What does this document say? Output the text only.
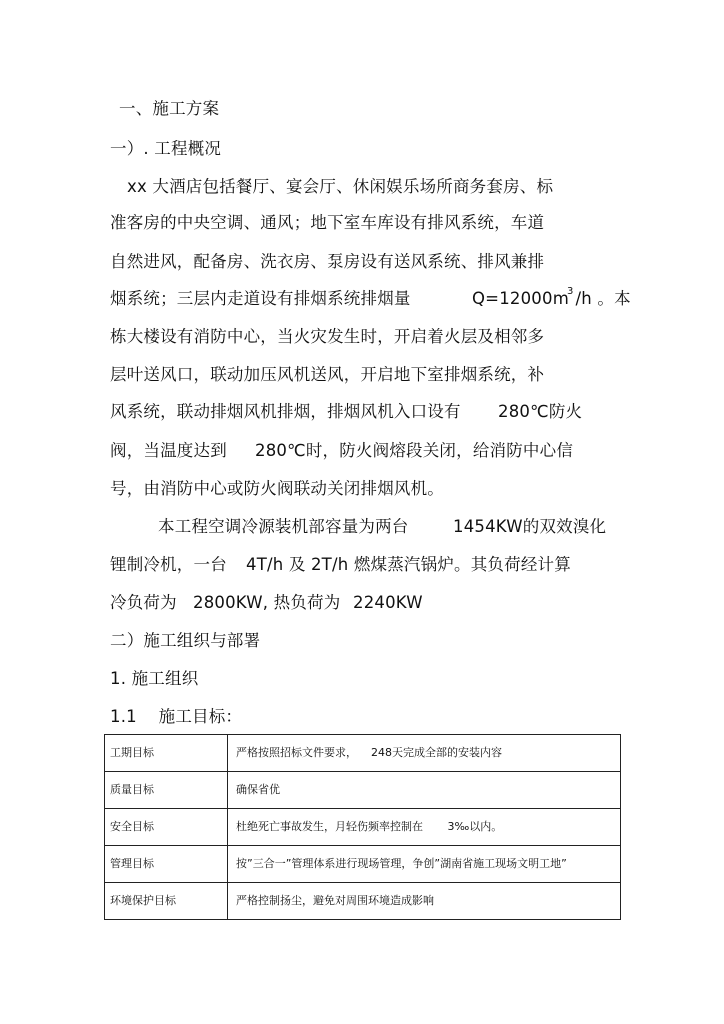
一、施工方案
一）. 工程概况
xx 大酒店包括餐厅、宴会厅、休闲娱乐场所商务套房、标
准客房的中央空调、通风；地下室车库设有排风系统，车道
自然进风，配备房、洗衣房、泵房设有送风系统、排风兼排
烟系统；三层内走道设有排烟系统排烟量	$Q=12000m^3$ /h 。本
栋大楼设有消防中心，当火灾发生时，开启着火层及相邻多
层叶送风口，联动加压风机送风，开启地下室排烟系统，补
风系统，联动排烟风机排烟，排烟风机入口设有 280℃防火
阀，当温度达到 280℃时，防火阀熔段关闭，给消防中心信
号，由消防中心或防火阀联动关闭排烟风机。
本工程空调冷源装机部容量为两台	1454KW的双效溴化
锂制冷机，一台 4T/h 及 2T/h 燃煤蒸汽锅炉。其负荷经计算
冷负荷为 2800KW, 热负荷为 2240KW
二）施工组织与部署
1. 施工组织
1.1    施工目标：
工期目标	严格按照招标文件要求，    248天完成全部的安装内容
质量目标	确保省优
安全目标	杜绝死亡事故发生，月轻伤频率控制在       3‰以内。
管理目标	按”三合一”管理体系进行现场管理，争创”湖南省施工现场文明工地”
环境保护目标	严格控制扬尘，避免对周围环境造成影响
